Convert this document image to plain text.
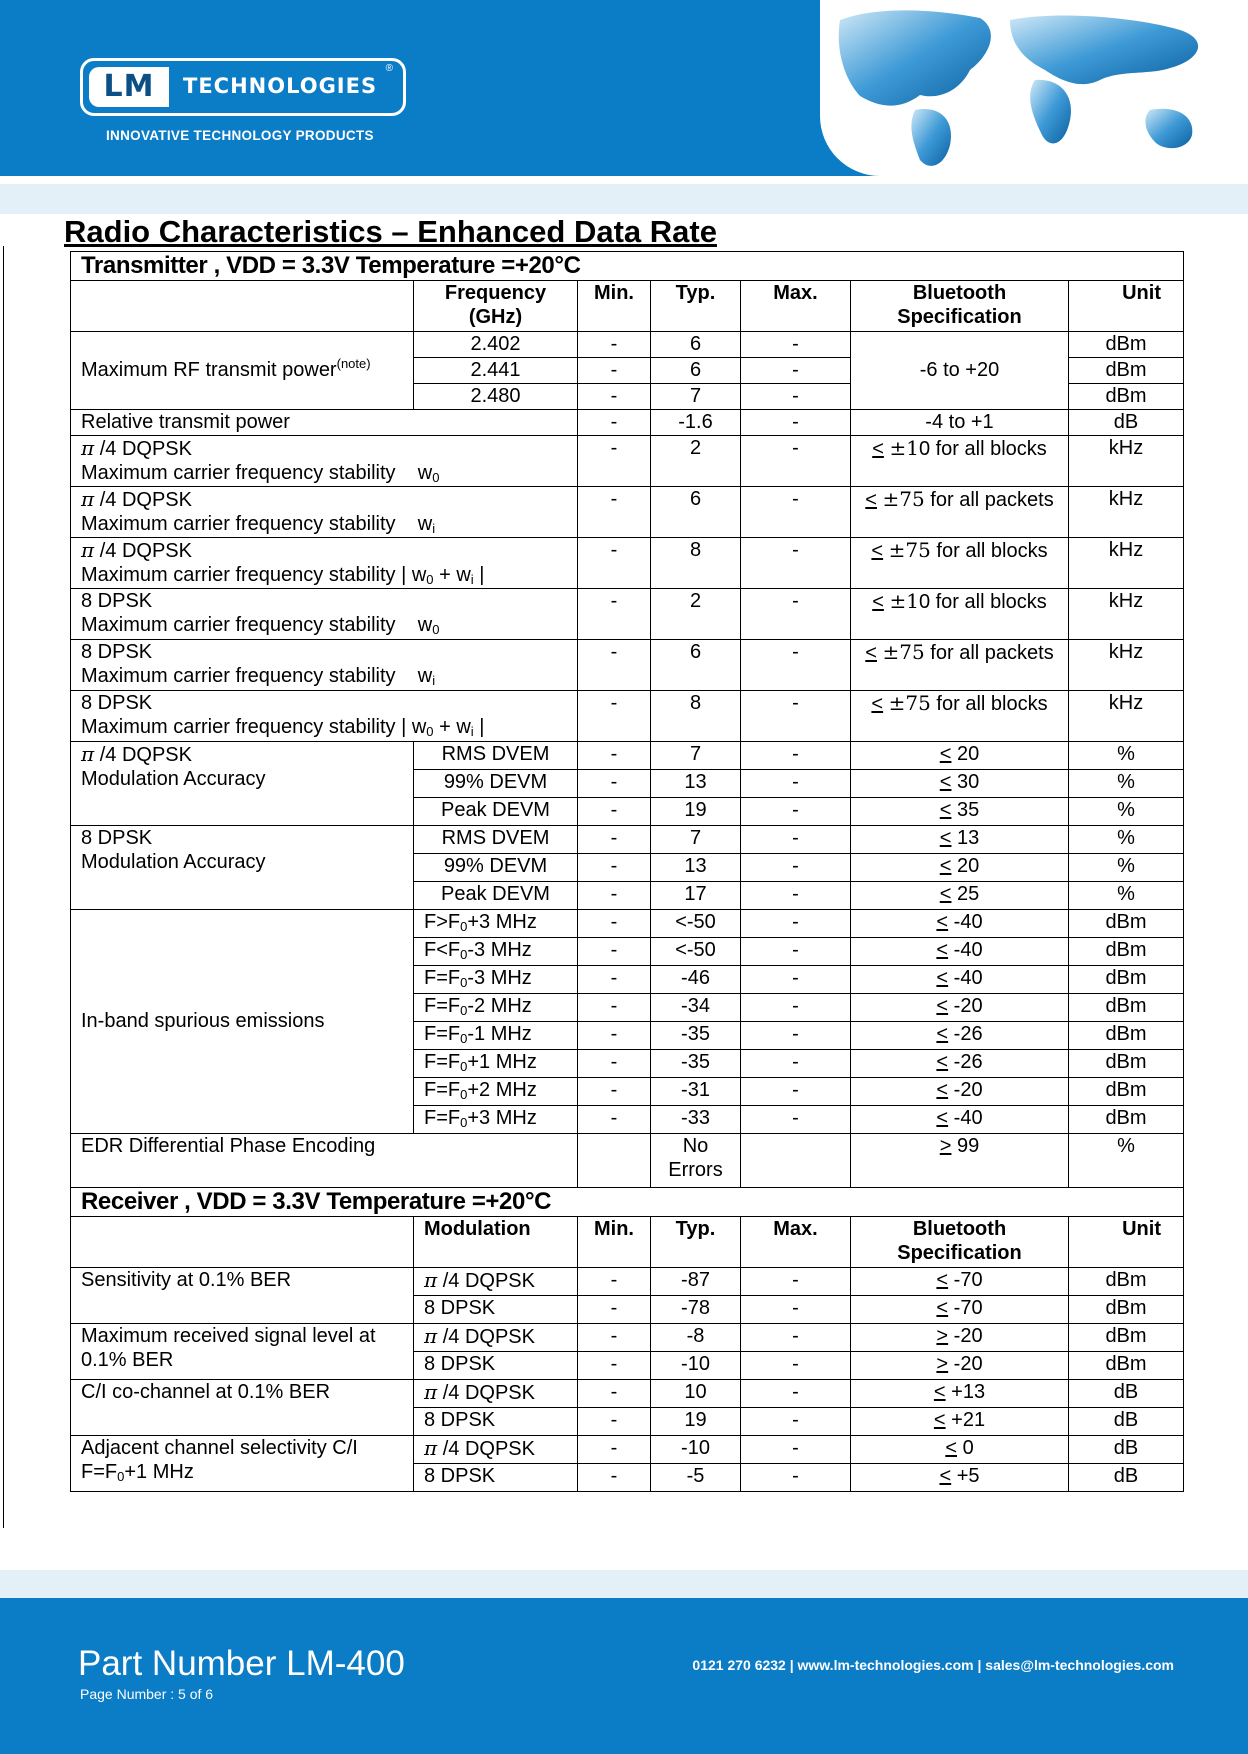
LM	TECHNOLOGIES
®
INNOVATIVE TECHNOLOGY PRODUCTS
Radio Characteristics – Enhanced Data Rate
Transmitter , VDD = 3.3V Temperature =+20°C						
	Frequency (GHz)	Min.	Typ.	Max.	Bluetooth Specification	Unit
Maximum RF transmit power$^{(note)}$	2.402	-	6	-	-6 to +20	dBm
	2.441	-	6	-		dBm
	2.480	-	7	-		dBm
Relative transmit power		-	-1.6	-	-4 to +1	dB
π /4 DQPSK
Maximum carrier frequency stability $w_0$		-	2	-	< ±10 for all blocks	kHz
π /4 DQPSK
Maximum carrier frequency stability $w_i$		-	6	-	< ±75 for all packets	kHz
π /4 DQPSK
Maximum carrier frequency stability | $w_0 + w_i$ |		-	8	-	< ±75 for all blocks	kHz
8 DPSK
Maximum carrier frequency stability $w_0$		-	2	-	< ±10 for all blocks	kHz
8 DPSK
Maximum carrier frequency stability $w_i$		-	6	-	< ±75 for all packets	kHz
8 DPSK
Maximum carrier frequency stability | $w_0 + w_i$ |		-	8	-	< ±75 for all blocks	kHz
π /4 DQPSK
Modulation Accuracy	RMS DVEM	-	7	-	< 20	%
	99% DEVM	-	13	-	< 30	%
	Peak DEVM	-	19	-	< 35	%
8 DPSK
Modulation Accuracy	RMS DVEM	-	7	-	< 13	%
	99% DEVM	-	13	-	< 20	%
	Peak DEVM	-	17	-	< 25	%
In-band spurious emissions	$F>F_0+3$ MHz	-	<-50	-	< -40	dBm
	$F<F_0-3$ MHz	-	<-50	-	< -40	dBm
	$F=F_0-3$ MHz	-	-46	-	< -40	dBm
	$F=F_0-2$ MHz	-	-34	-	< -20	dBm
	$F=F_0-1$ MHz	-	-35	-	< -26	dBm
	$F=F_0+1$ MHz	-	-35	-	< -26	dBm
	$F=F_0+2$ MHz	-	-31	-	< -20	dBm
	$F=F_0+3$ MHz	-	-33	-	< -40	dBm
EDR Differential Phase Encoding			No Errors		> 99	%
Receiver , VDD = 3.3V Temperature =+20°C						
	Modulation	Min.	Typ.	Max.	Bluetooth Specification	Unit
Sensitivity at 0.1% BER	π /4 DQPSK	-	-87	-	< -70	dBm
	8 DPSK	-	-78	-	< -70	dBm
Maximum received signal level at 0.1% BER	π /4 DQPSK	-	-8	-	> -20	dBm
	8 DPSK	-	-10	-	> -20	dBm
C/I co-channel at 0.1% BER	π /4 DQPSK	-	10	-	< +13	dB
	8 DPSK	-	19	-	< +21	dB
Adjacent channel selectivity C/I
$F=F_0+1$ MHz	π /4 DQPSK	-	-10	-	< 0	dB
	8 DPSK	-	-5	-	< +5	dB
Part Number LM-400
Page Number : 5 of 6
0121 270 6232 | www.lm-technologies.com | sales@lm-technologies.com
